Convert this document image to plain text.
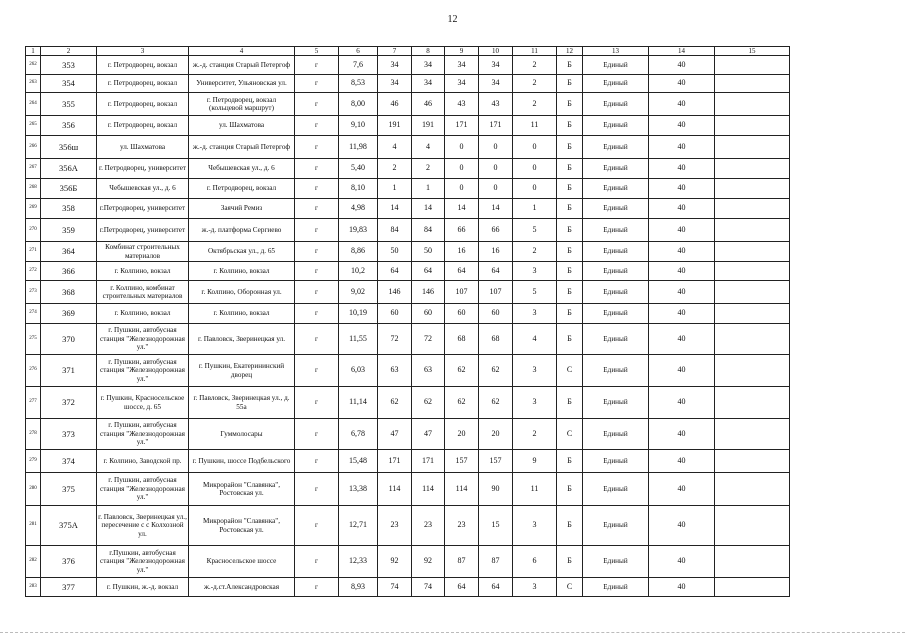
12
1	2	3	4	5	6	7	8	9	10	11	12	13	14	15
262	353	г. Петродворец, вокзал	ж.-д. станция Старый Петергоф	г	7,6	34	34	34	34	2	Б	Единый	40	
263	354	г. Петродворец, вокзал	Университет, Ульяновская ул.	г	8,53	34	34	34	34	2	Б	Единый	40	
264	355	г. Петродворец, вокзал	г. Петродворец, вокзал (кольцевой маршрут)	г	8,00	46	46	43	43	2	Б	Единый	40	
265	356	г. Петродворец, вокзал	ул. Шахматова	г	9,10	191	191	171	171	11	Б	Единый	40	
266	356ш	ул. Шахматова	ж.-д. станция Старый Петергоф	г	11,98	4	4	0	0	0	Б	Единый	40	
267	356А	г. Петродворец, университет	Чебышевская ул., д. 6	г	5,40	2	2	0	0	0	Б	Единый	40	
268	356Б	Чебышевская ул., д. 6	г. Петродворец, вокзал	г	8,10	1	1	0	0	0	Б	Единый	40	
269	358	г.Петродворец, университет	Заячий Ремиз	г	4,98	14	14	14	14	1	Б	Единый	40	
270	359	г.Петродворец, университет	ж.-д. платформа Сергиево	г	19,83	84	84	66	66	5	Б	Единый	40	
271	364	Комбинат строительных материалов	Октябрьская ул., д. 65	г	8,86	50	50	16	16	2	Б	Единый	40	
272	366	г. Колпино, вокзал	г. Колпино, вокзал	г	10,2	64	64	64	64	3	Б	Единый	40	
273	368	г. Колпино, комбинат строительных материалов	г. Колпино, Оборонная ул.	г	9,02	146	146	107	107	5	Б	Единый	40	
274	369	г. Колпино, вокзал	г. Колпино, вокзал	г	10,19	60	60	60	60	3	Б	Единый	40	
275	370	г. Пушкин, автобусная станция "Железнодорожная ул."	г. Павловск, Зверинецкая ул.	г	11,55	72	72	68	68	4	Б	Единый	40	
276	371	г. Пушкин, автобусная станция "Железнодорожная ул."	г. Пушкин, Екатерининский дворец	г	6,03	63	63	62	62	3	С	Единый	40	
277	372	г. Пушкин, Красносельское шоссе, д. 65	г. Павловск, Зверинецкая ул., д. 55а	г	11,14	62	62	62	62	3	Б	Единый	40	
278	373	г. Пушкин, автобусная станция "Железнодорожная ул."	Гуммолосары	г	6,78	47	47	20	20	2	С	Единый	40	
279	374	г. Колпино, Заводской пр.	г. Пушкин, шоссе Подбельского	г	15,48	171	171	157	157	9	Б	Единый	40	
280	375	г. Пушкин, автобусная станция "Железнодорожная ул."	Микрорайон "Славянка", Ростовская ул.	г	13,38	114	114	114	90	11	Б	Единый	40	
281	375А	г. Павловск, Зверинецкая ул., пересечение с с Колхозной ул.	Микрорайон "Славянка", Ростовская ул.	г	12,71	23	23	23	15	3	Б	Единый	40	
282	376	г.Пушкин, автобусная станция "Железнодорожная ул."	Красносельское шоссе	г	12,33	92	92	87	87	6	Б	Единый	40	
283	377	г. Пушкин, ж.-д. вокзал	ж.-д.ст.Александровская	г	8,93	74	74	64	64	3	С	Единый	40	
